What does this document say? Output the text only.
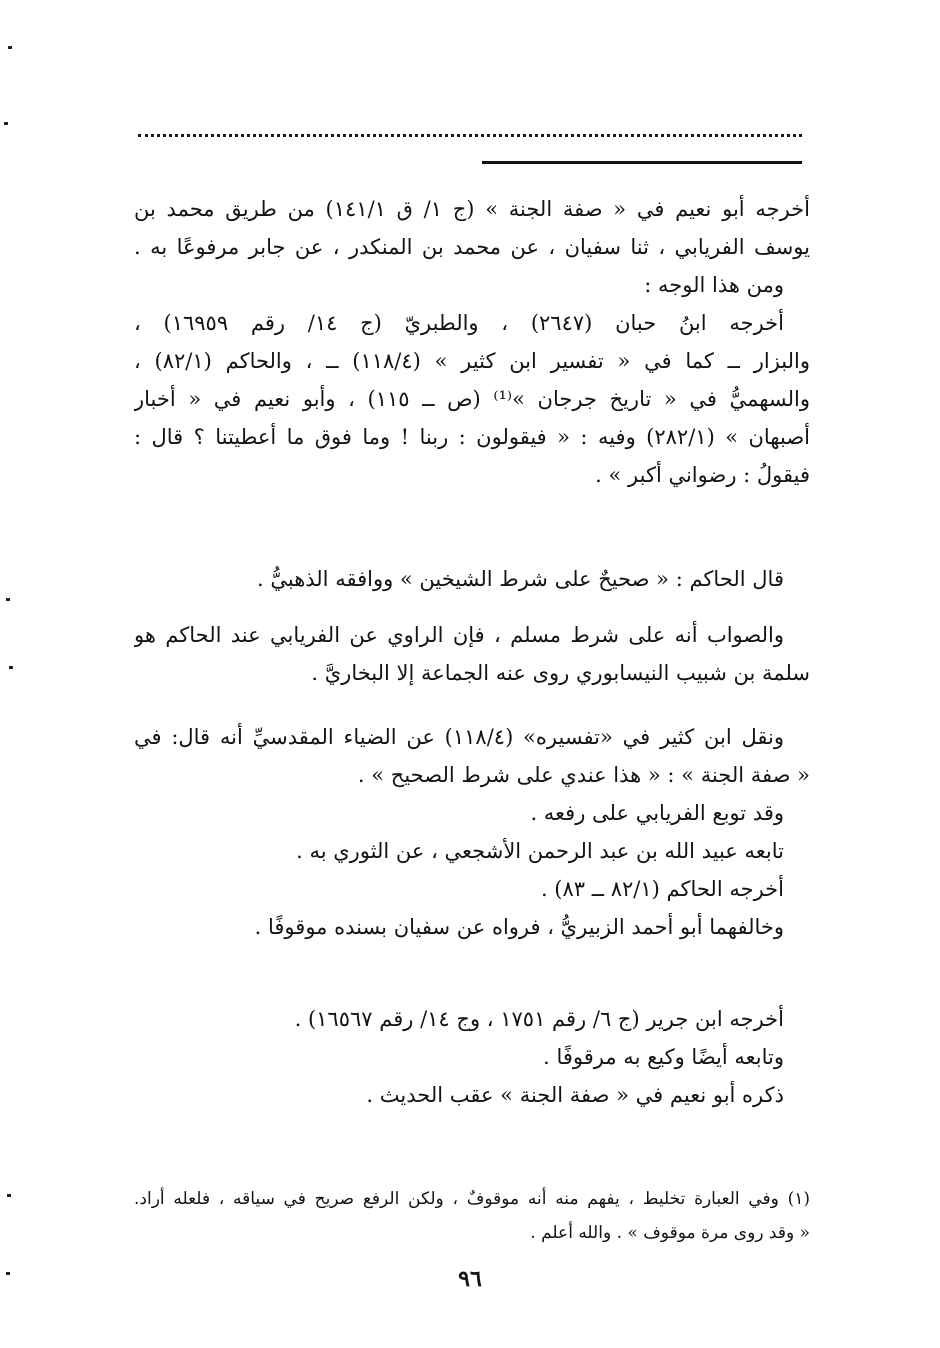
أخرجه أبو نعيم في « صفة الجنة » (ج ١/ ق ١٤١/١) من طريق محمد بن
يوسف الفريابي ، ثنا سفيان ، عن محمد بن المنكدر ، عن جابر مرفوعًا به .
ومن هذا الوجه :
أخرجه ابنُ حبان (٢٦٤٧) ، والطبريّ (ج ١٤/ رقم ١٦٩٥٩) ،
والبزار ــ كما في « تفسير ابن كثير » (١١٨/٤) ــ ، والحاكم (٨٢/١) ،
والسهميُّ في « تاريخ جرجان »⁽¹⁾ (ص ــ ١١٥) ، وأبو نعيم في « أخبار
أصبهان » (٢٨٢/١) وفيه : « فيقولون : ربنا ! وما فوق ما أعطيتنا ؟ قال :
فيقولُ : رضواني أكبر » .
قال الحاكم : « صحيحٌ على شرط الشيخين » ووافقه الذهبيُّ .
والصواب أنه على شرط مسلم ، فإن الراوي عن الفريابي عند الحاكم هو
سلمة بن شبيب النيسابوري روى عنه الجماعة إلا البخاريَّ .
ونقل ابن كثير في «تفسيره» (١١٨/٤) عن الضياء المقدسيِّ أنه قال: في
« صفة الجنة » : « هذا عندي على شرط الصحيح » .
وقد توبع الفريابي على رفعه .
تابعه عبيد الله بن عبد الرحمن الأشجعي ، عن الثوري به .
أخرجه الحاكم (٨٢/١ ــ ٨٣) .
وخالفهما أبو أحمد الزبيريُّ ، فرواه عن سفيان بسنده موقوفًا .
أخرجه ابن جرير (ج ٦/ رقم ١٧٥١ ، وج ١٤/ رقم ١٦٥٦٧) .
وتابعه أيضًا وكيع به مرقوفًا .
ذكره أبو نعيم في « صفة الجنة » عقب الحديث .
(١) وفي العبارة تخليط ، يفهم منه أنه موقوفٌ ، ولكن الرفع صريح في سياقه ، فلعله أراد.
« وقد روى مرة موقوف » . والله أعلم .
٩٦
